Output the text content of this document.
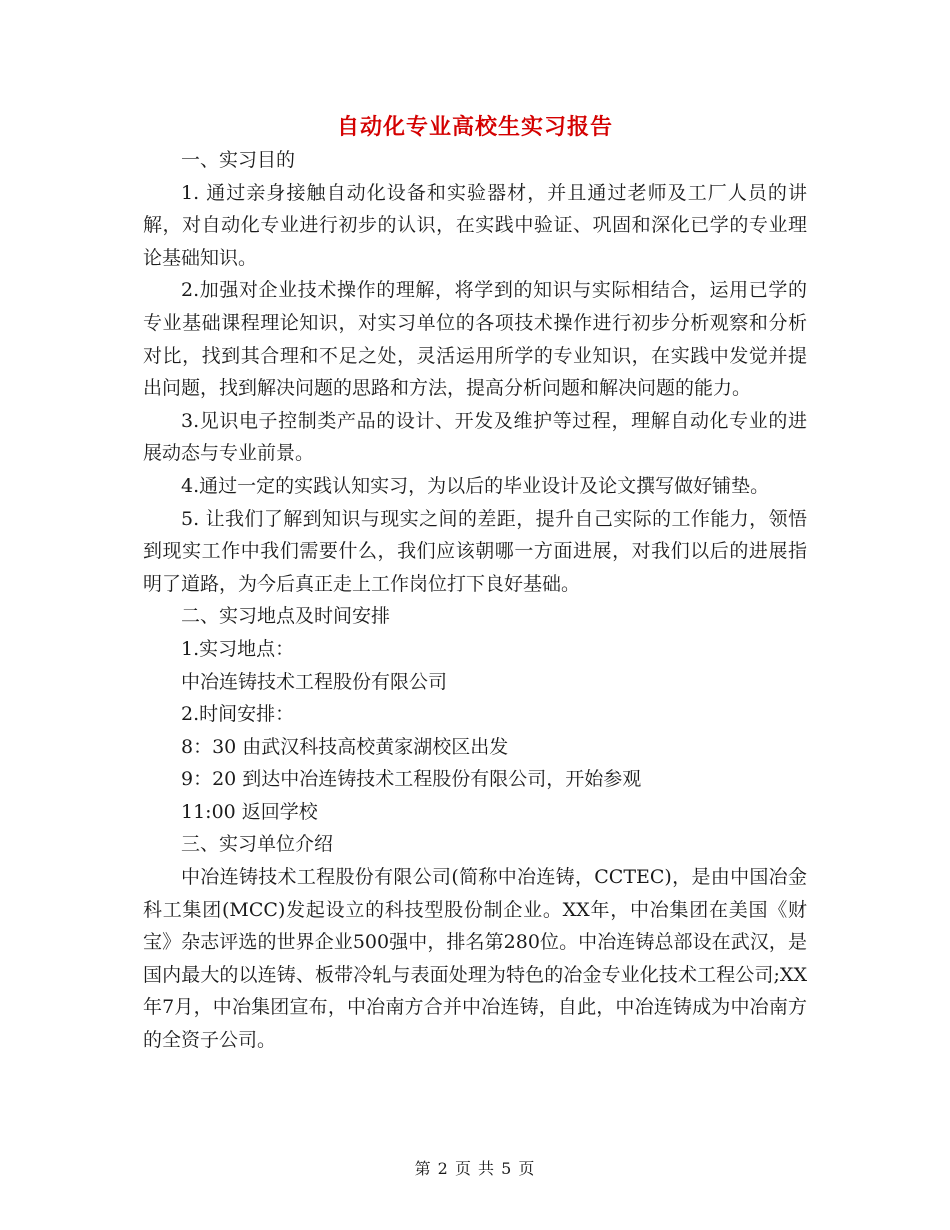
自动化专业高校生实习报告

一、实习目的

1. 通过亲身接触自动化设备和实验器材，并且通过老师及工厂人员的讲解，对自动化专业进行初步的认识，在实践中验证、巩固和深化已学的专业理论基础知识。

2.加强对企业技术操作的理解，将学到的知识与实际相结合，运用已学的专业基础课程理论知识，对实习单位的各项技术操作进行初步分析观察和分析对比，找到其合理和不足之处，灵活运用所学的专业知识，在实践中发觉并提出问题，找到解决问题的思路和方法，提高分析问题和解决问题的能力。

3.见识电子控制类产品的设计、开发及维护等过程，理解自动化专业的进展动态与专业前景。

4.通过一定的实践认知实习，为以后的毕业设计及论文撰写做好铺垫。

5. 让我们了解到知识与现实之间的差距，提升自己实际的工作能力，领悟到现实工作中我们需要什么，我们应该朝哪一方面进展，对我们以后的进展指明了道路，为今后真正走上工作岗位打下良好基础。

二、实习地点及时间安排

1.实习地点：

中冶连铸技术工程股份有限公司

2.时间安排：

8：30 由武汉科技高校黄家湖校区出发

9：20 到达中冶连铸技术工程股份有限公司，开始参观

11:00 返回学校

三、实习单位介绍

中冶连铸技术工程股份有限公司(简称中冶连铸，CCTEC)，是由中国冶金科工集团(MCC)发起设立的科技型股份制企业。XX年，中冶集团在美国《财宝》杂志评选的世界企业500强中，排名第280位。中冶连铸总部设在武汉，是国内最大的以连铸、板带冷轧与表面处理为特色的冶金专业化技术工程公司;XX年7月，中冶集团宣布，中冶南方合并中冶连铸，自此，中冶连铸成为中冶南方的全资子公司。

第 2 页 共 5 页
